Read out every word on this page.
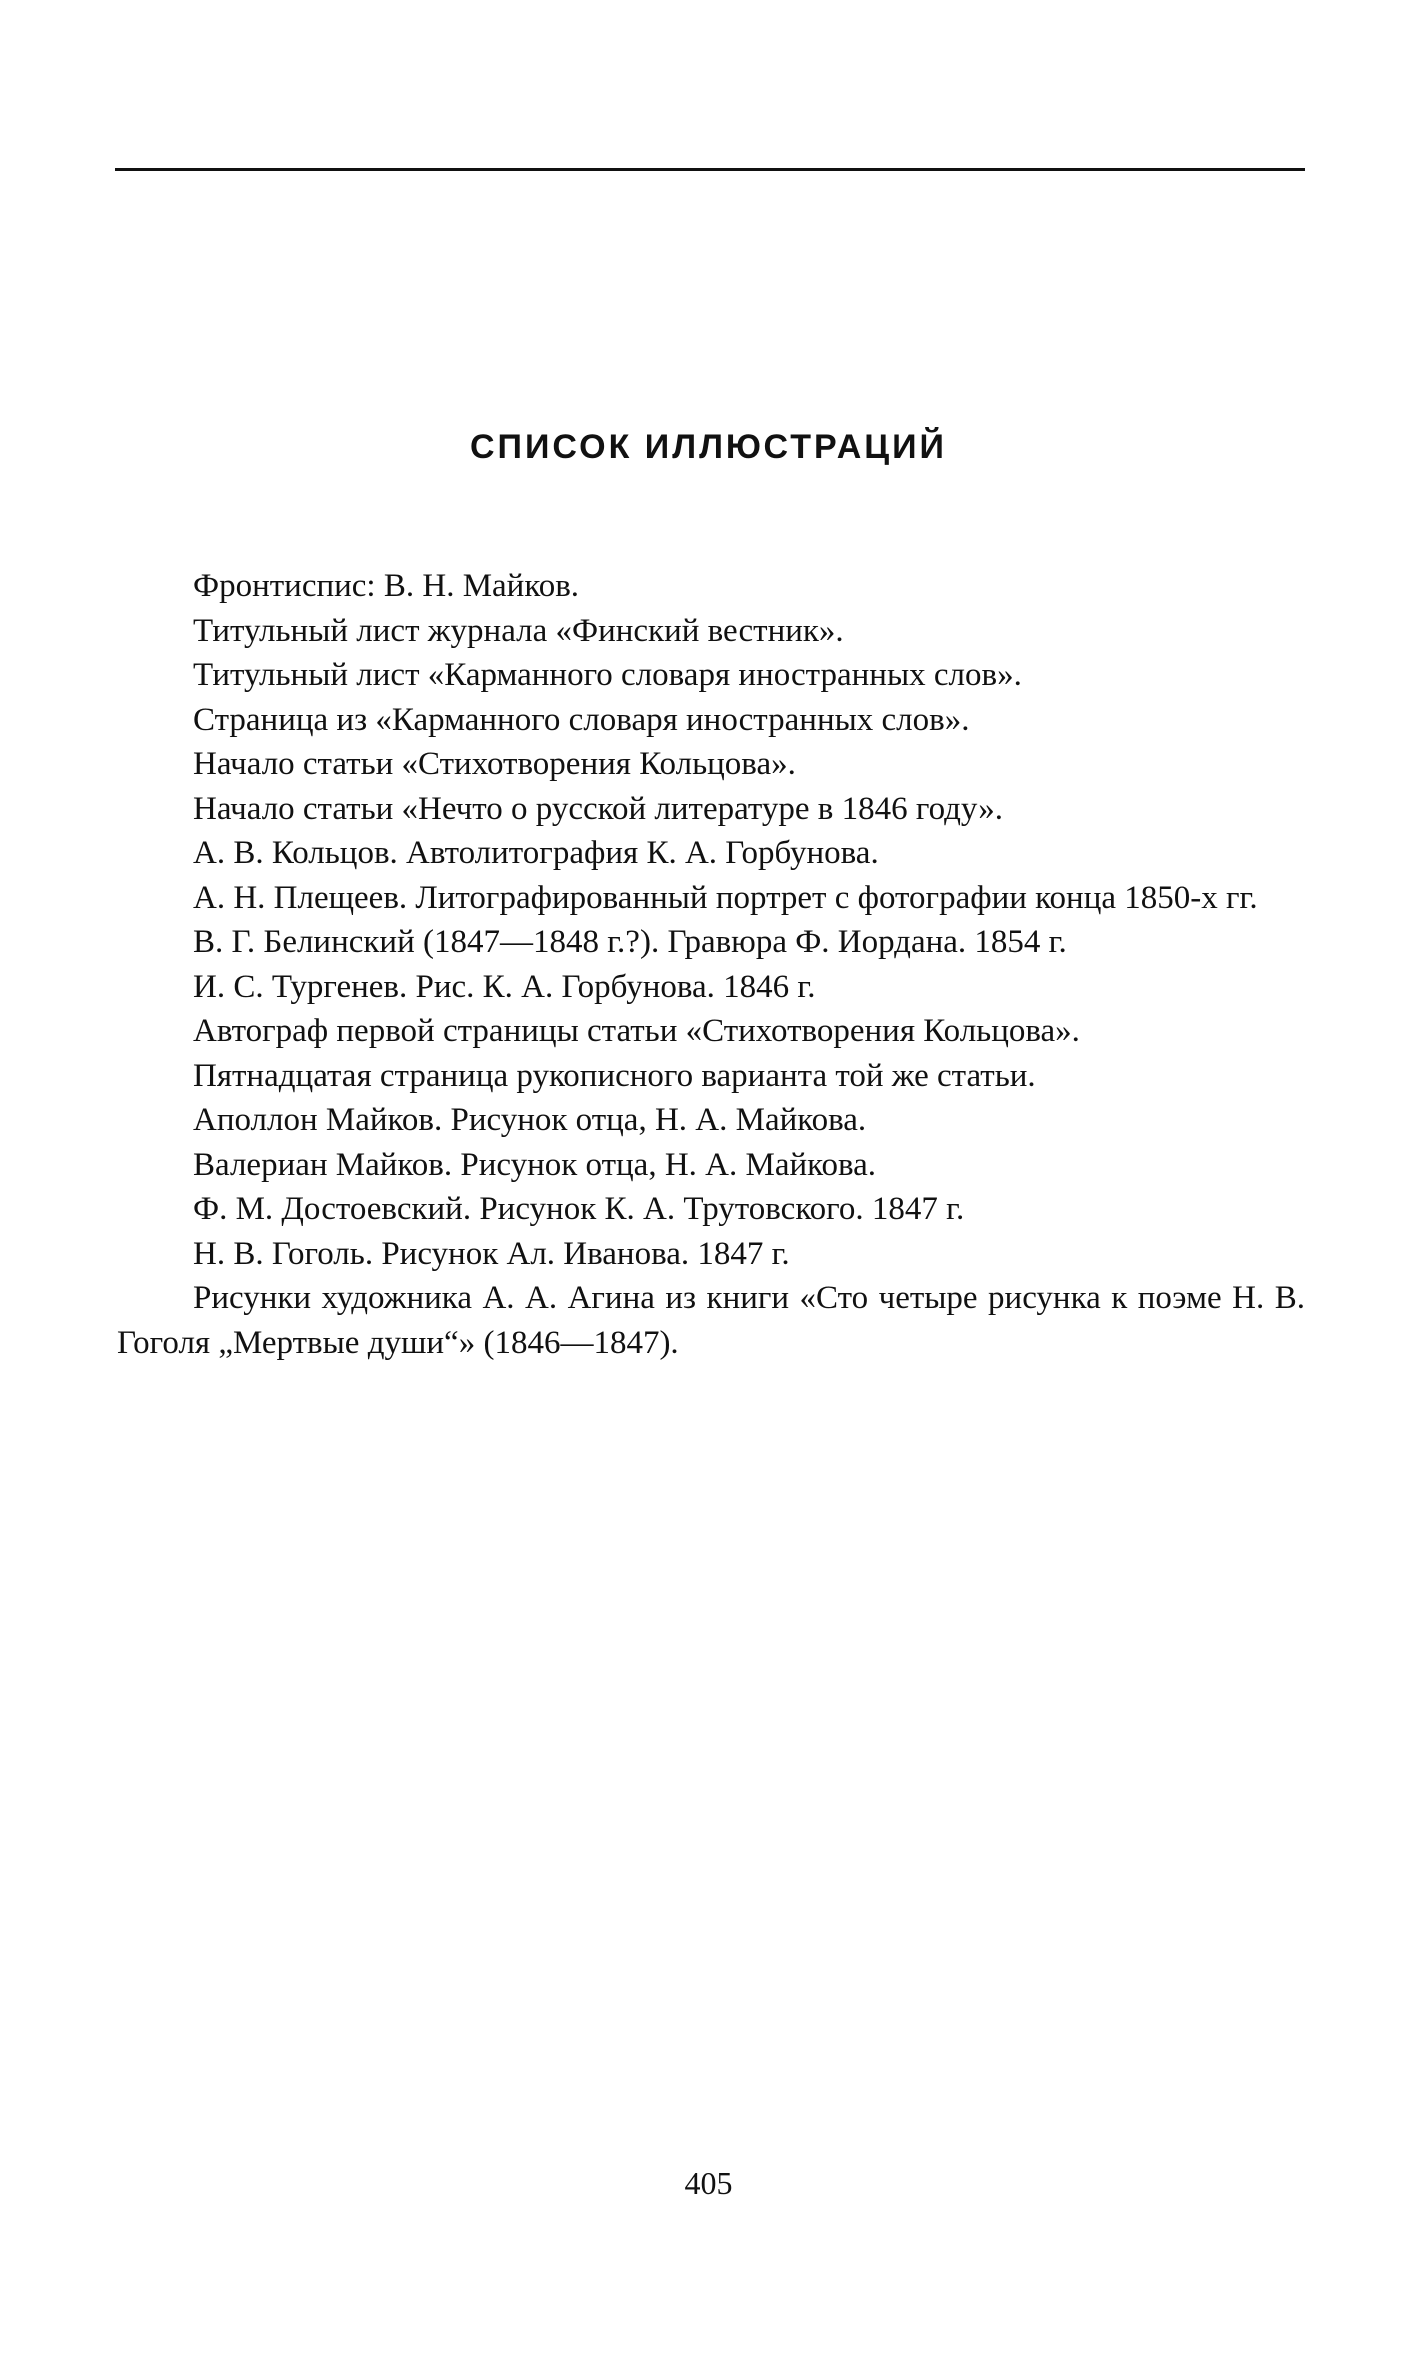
СПИСОК ИЛЛЮСТРАЦИЙ

Фронтиспис: В. Н. Майков.

Титульный лист журнала «Финский вестник».

Титульный лист «Карманного словаря иностранных слов».

Страница из «Карманного словаря иностранных слов».

Начало статьи «Стихотворения Кольцова».

Начало статьи «Нечто о русской литературе в 1846 году».

А. В. Кольцов. Автолитография К. А. Горбунова.

А. Н. Плещеев. Литографированный портрет с фотографии конца 1850-х гг.

В. Г. Белинский (1847—1848 г.?). Гравюра Ф. Иордана. 1854 г.

И. С. Тургенев. Рис. К. А. Горбунова. 1846 г.

Автограф первой страницы статьи «Стихотворения Кольцова».

Пятнадцатая страница рукописного варианта той же статьи.

Аполлон Майков. Рисунок отца, Н. А. Майкова.

Валериан Майков. Рисунок отца, Н. А. Майкова.

Ф. М. Достоевский. Рисунок К. А. Трутовского. 1847 г.

Н. В. Гоголь. Рисунок Ал. Иванова. 1847 г.

Рисунки художника А. А. Агина из книги «Сто четыре рисунка к поэме Н. В. Гоголя „Мертвые души“» (1846—1847).

405
